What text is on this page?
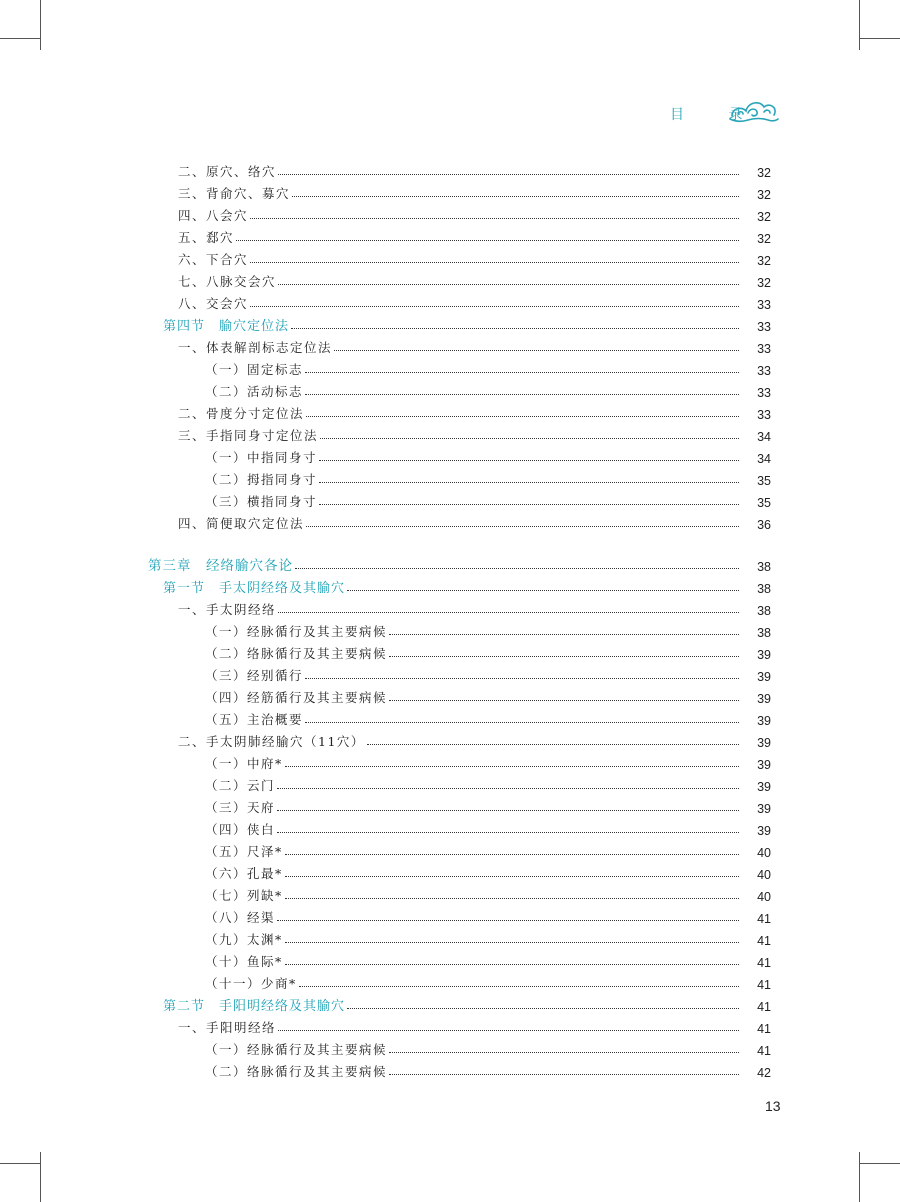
目 录
二、原穴、络穴	32
三、背俞穴、募穴	32
四、八会穴	32
五、郄穴	32
六、下合穴	32
七、八脉交会穴	32
八、交会穴	33
第四节　腧穴定位法	33
一、体表解剖标志定位法	33
（一）固定标志	33
（二）活动标志	33
二、骨度分寸定位法	33
三、手指同身寸定位法	34
（一）中指同身寸	34
（二）拇指同身寸	35
（三）横指同身寸	35
四、简便取穴定位法	36
第三章　经络腧穴各论	38
第一节　手太阴经络及其腧穴	38
一、手太阴经络	38
（一）经脉循行及其主要病候	38
（二）络脉循行及其主要病候	39
（三）经别循行	39
（四）经筋循行及其主要病候	39
（五）主治概要	39
二、手太阴肺经腧穴（11穴）	39
（一）中府*	39
（二）云门	39
（三）天府	39
（四）侠白	39
（五）尺泽*	40
（六）孔最*	40
（七）列缺*	40
（八）经渠	41
（九）太渊*	41
（十）鱼际*	41
（十一）少商*	41
第二节　手阳明经络及其腧穴	41
一、手阳明经络	41
（一）经脉循行及其主要病候	41
（二）络脉循行及其主要病候	42
13
